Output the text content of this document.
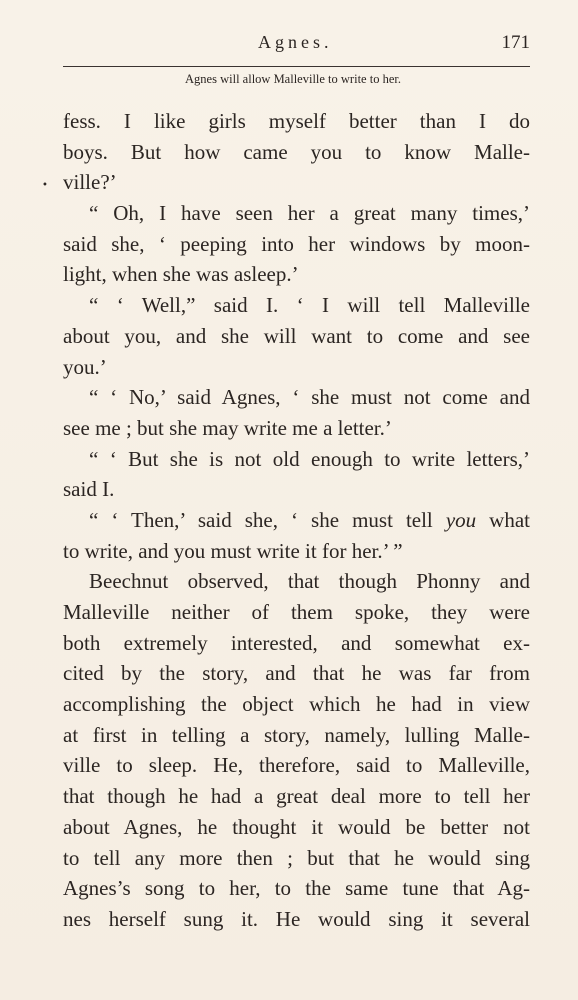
Agnes.	171
Agnes will allow Malleville to write to her.
•
fess. I like girls myself better than I do
boys. But how came you to know Malle-
ville?’
“ Oh, I have seen her a great many times,’
said she, ‘ peeping into her windows by moon-
light, when she was asleep.’
“ ‘ Well,” said I. ‘ I will tell Malleville
about you, and she will want to come and see
you.’
“ ‘ No,’ said Agnes, ‘ she must not come and
see me ; but she may write me a letter.’
“ ‘ But she is not old enough to write letters,’
said I.
“ ‘ Then,’ said she, ‘ she must tell you what
to write, and you must write it for her.’ ”
Beechnut observed, that though Phonny and
Malleville neither of them spoke, they were
both extremely interested, and somewhat ex-
cited by the story, and that he was far from
accomplishing the object which he had in view
at first in telling a story, namely, lulling Malle-
ville to sleep. He, therefore, said to Malleville,
that though he had a great deal more to tell her
about Agnes, he thought it would be better not
to tell any more then ; but that he would sing
Agnes’s song to her, to the same tune that Ag-
nes herself sung it. He would sing it several
